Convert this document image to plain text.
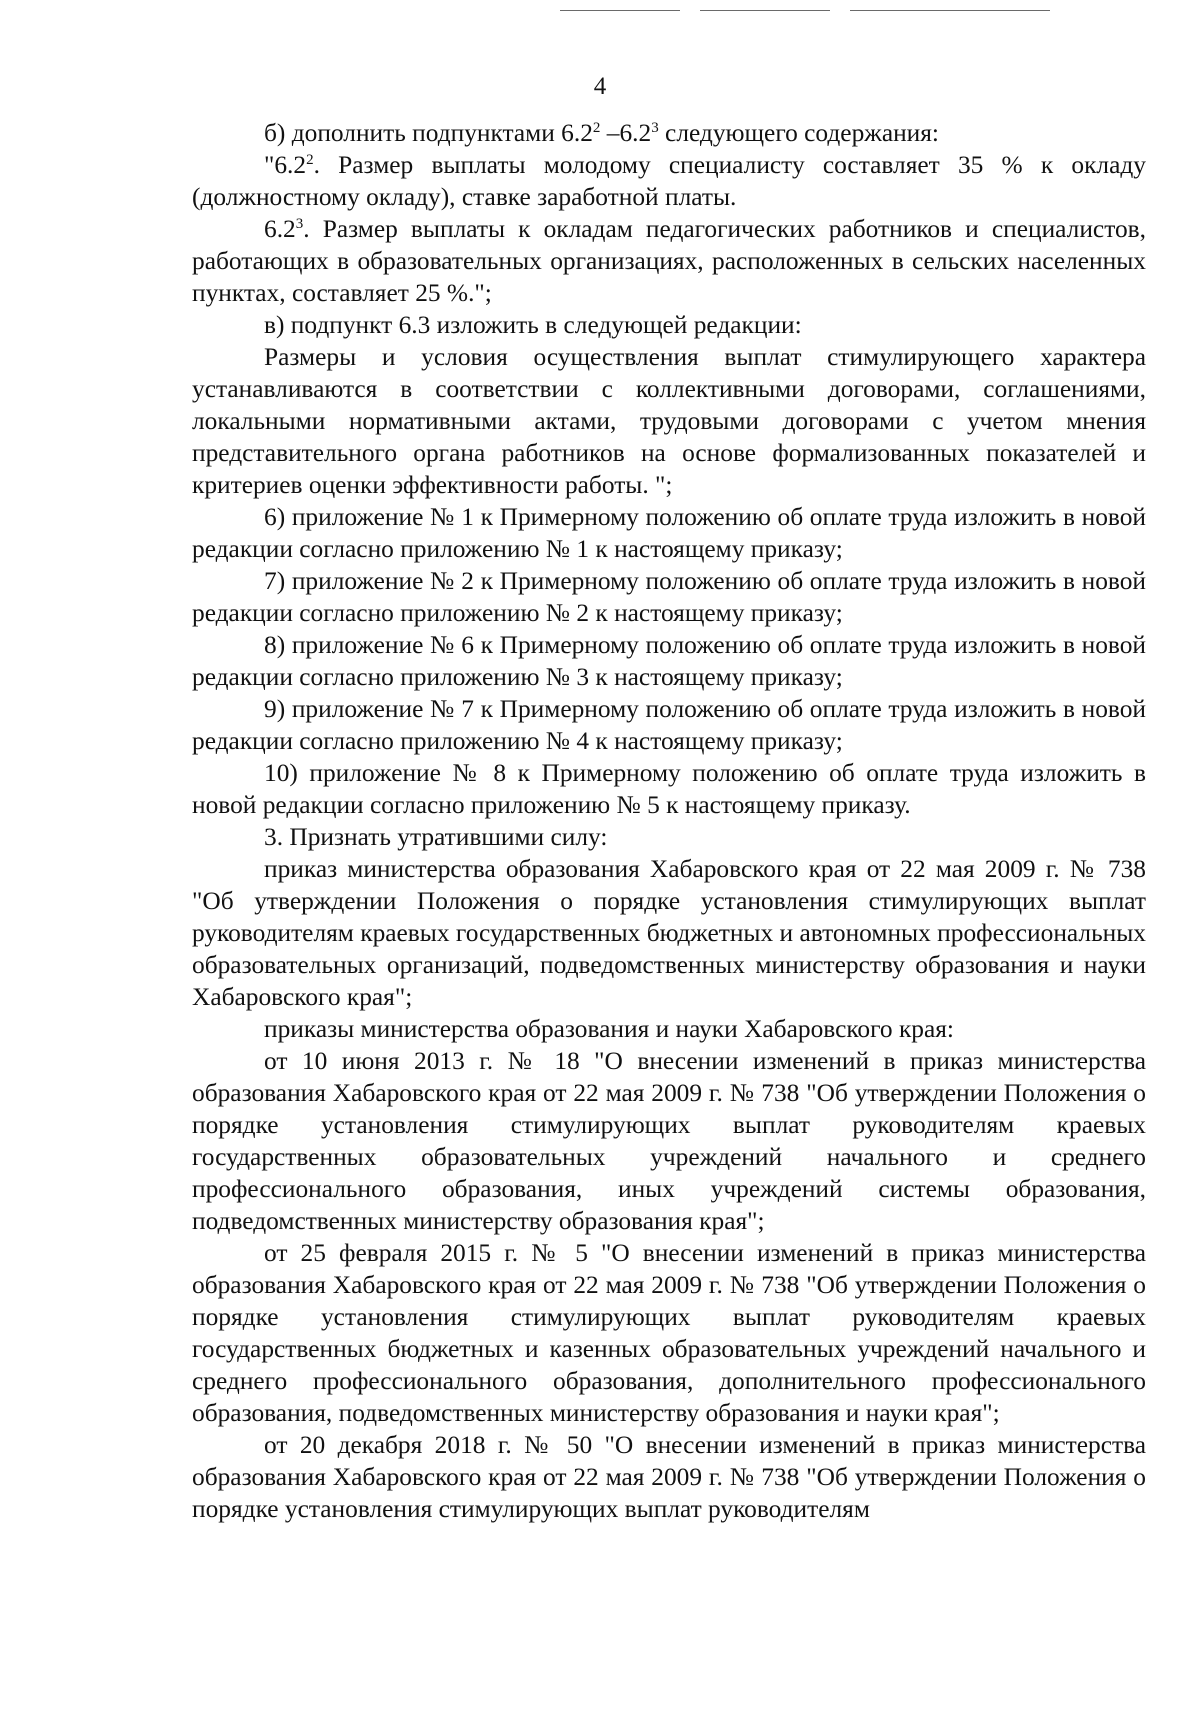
4

б) дополнить подпунктами $6.2^2$ $-6.2^3$ следующего содержания:

"$6.2^2$. Размер выплаты молодому специалисту составляет 35 % к окладу (должностному окладу), ставке заработной платы.

$6.2^3$. Размер выплаты к окладам педагогических работников и специалистов, работающих в образовательных организациях, расположенных в сельских населенных пунктах, составляет 25 %.";

в) подпункт 6.3 изложить в следующей редакции:

Размеры и условия осуществления выплат стимулирующего характера устанавливаются в соответствии с коллективными договорами, соглашениями, локальными нормативными актами, трудовыми договорами с учетом мнения представительного органа работников на основе формализованных показателей и критериев оценки эффективности работы. ";

6) приложение № 1 к Примерному положению об оплате труда изложить в новой редакции согласно приложению № 1 к настоящему приказу;

7) приложение № 2 к Примерному положению об оплате труда изложить в новой редакции согласно приложению № 2 к настоящему приказу;

8) приложение № 6 к Примерному положению об оплате труда изложить в новой редакции согласно приложению № 3 к настоящему приказу;

9) приложение № 7 к Примерному положению об оплате труда изложить в новой редакции согласно приложению № 4 к настоящему приказу;

10) приложение № 8 к Примерному положению об оплате труда изложить в новой редакции согласно приложению № 5 к настоящему приказу.

3. Признать утратившими силу:

приказ министерства образования Хабаровского края от 22 мая 2009 г. № 738 "Об утверждении Положения о порядке установления стимулирующих выплат руководителям краевых государственных бюджетных и автономных профессиональных образовательных организаций, подведомственных министерству образования и науки Хабаровского края";

приказы министерства образования и науки Хабаровского края:

от 10 июня 2013 г. № 18 "О внесении изменений в приказ министерства образования Хабаровского края от 22 мая 2009 г. № 738 "Об утверждении Положения о порядке установления стимулирующих выплат руководителям краевых государственных образовательных учреждений начального и среднего профессионального образования, иных учреждений системы образования, подведомственных министерству образования края";

от 25 февраля 2015 г. № 5 "О внесении изменений в приказ министерства образования Хабаровского края от 22 мая 2009 г. № 738 "Об утверждении Положения о порядке установления стимулирующих выплат руководителям краевых государственных бюджетных и казенных образовательных учреждений начального и среднего профессионального образования, дополнительного профессионального образования, подведомственных министерству образования и науки края";

от 20 декабря 2018 г. № 50 "О внесении изменений в приказ министерства образования Хабаровского края от 22 мая 2009 г. № 738 "Об утверждении Положения о порядке установления стимулирующих выплат руководителям
